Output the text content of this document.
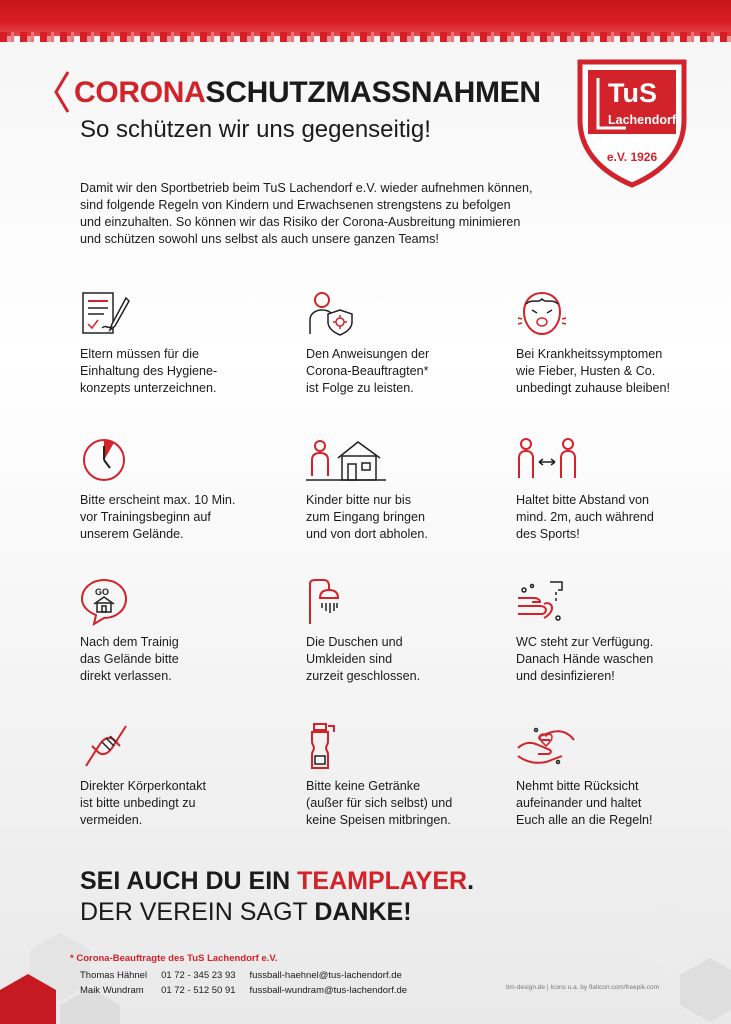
CORONASCHUTZMASSNAHMEN
So schützen wir uns gegenseitig!
TuS
Lachendorf
e.V. 1926

Damit wir den Sportbetrieb beim TuS Lachendorf e.V. wieder aufnehmen können,
sind folgende Regeln von Kindern und Erwachsenen strengstens zu befolgen
und einzuhalten. So können wir das Risiko der Corona-Ausbreitung minimieren
und schützen sowohl uns selbst als auch unsere ganzen Teams!

Eltern müssen für die
Einhaltung des Hygiene-
konzepts unterzeichnen.

Den Anweisungen der
Corona-Beauftragten*
ist Folge zu leisten.

Bei Krankheitssymptomen
wie Fieber, Husten & Co.
unbedingt zuhause bleiben!

Bitte erscheint max. 10 Min.
vor Trainingsbeginn auf
unserem Gelände.

Kinder bitte nur bis
zum Eingang bringen
und von dort abholen.

Haltet bitte Abstand von
mind. 2m, auch während
des Sports!

GO

Nach dem Trainig
das Gelände bitte
direkt verlassen.

Die Duschen und
Umkleiden sind
zurzeit geschlossen.

WC steht zur Verfügung.
Danach Hände waschen
und desinfizieren!

Direkter Körperkontakt
ist bitte unbedingt zu
vermeiden.

Bitte keine Getränke
(außer für sich selbst) und
keine Speisen mitbringen.

Nehmt bitte Rücksicht
aufeinander und haltet
Euch alle an die Regeln!

SEI AUCH DU EIN TEAMPLAYER.
DER VEREIN SAGT DANKE!

* Corona-Beauftragte des TuS Lachendorf e.V.
Thomas Hähnel	01 72 - 345 23 93	fussball-haehnel@tus-lachendorf.de
Maik Wundram	01 72 - 512 50 91	fussball-wundram@tus-lachendorf.de	tim-design.de | Icons u.a. by flaticon.com/freepik.com
